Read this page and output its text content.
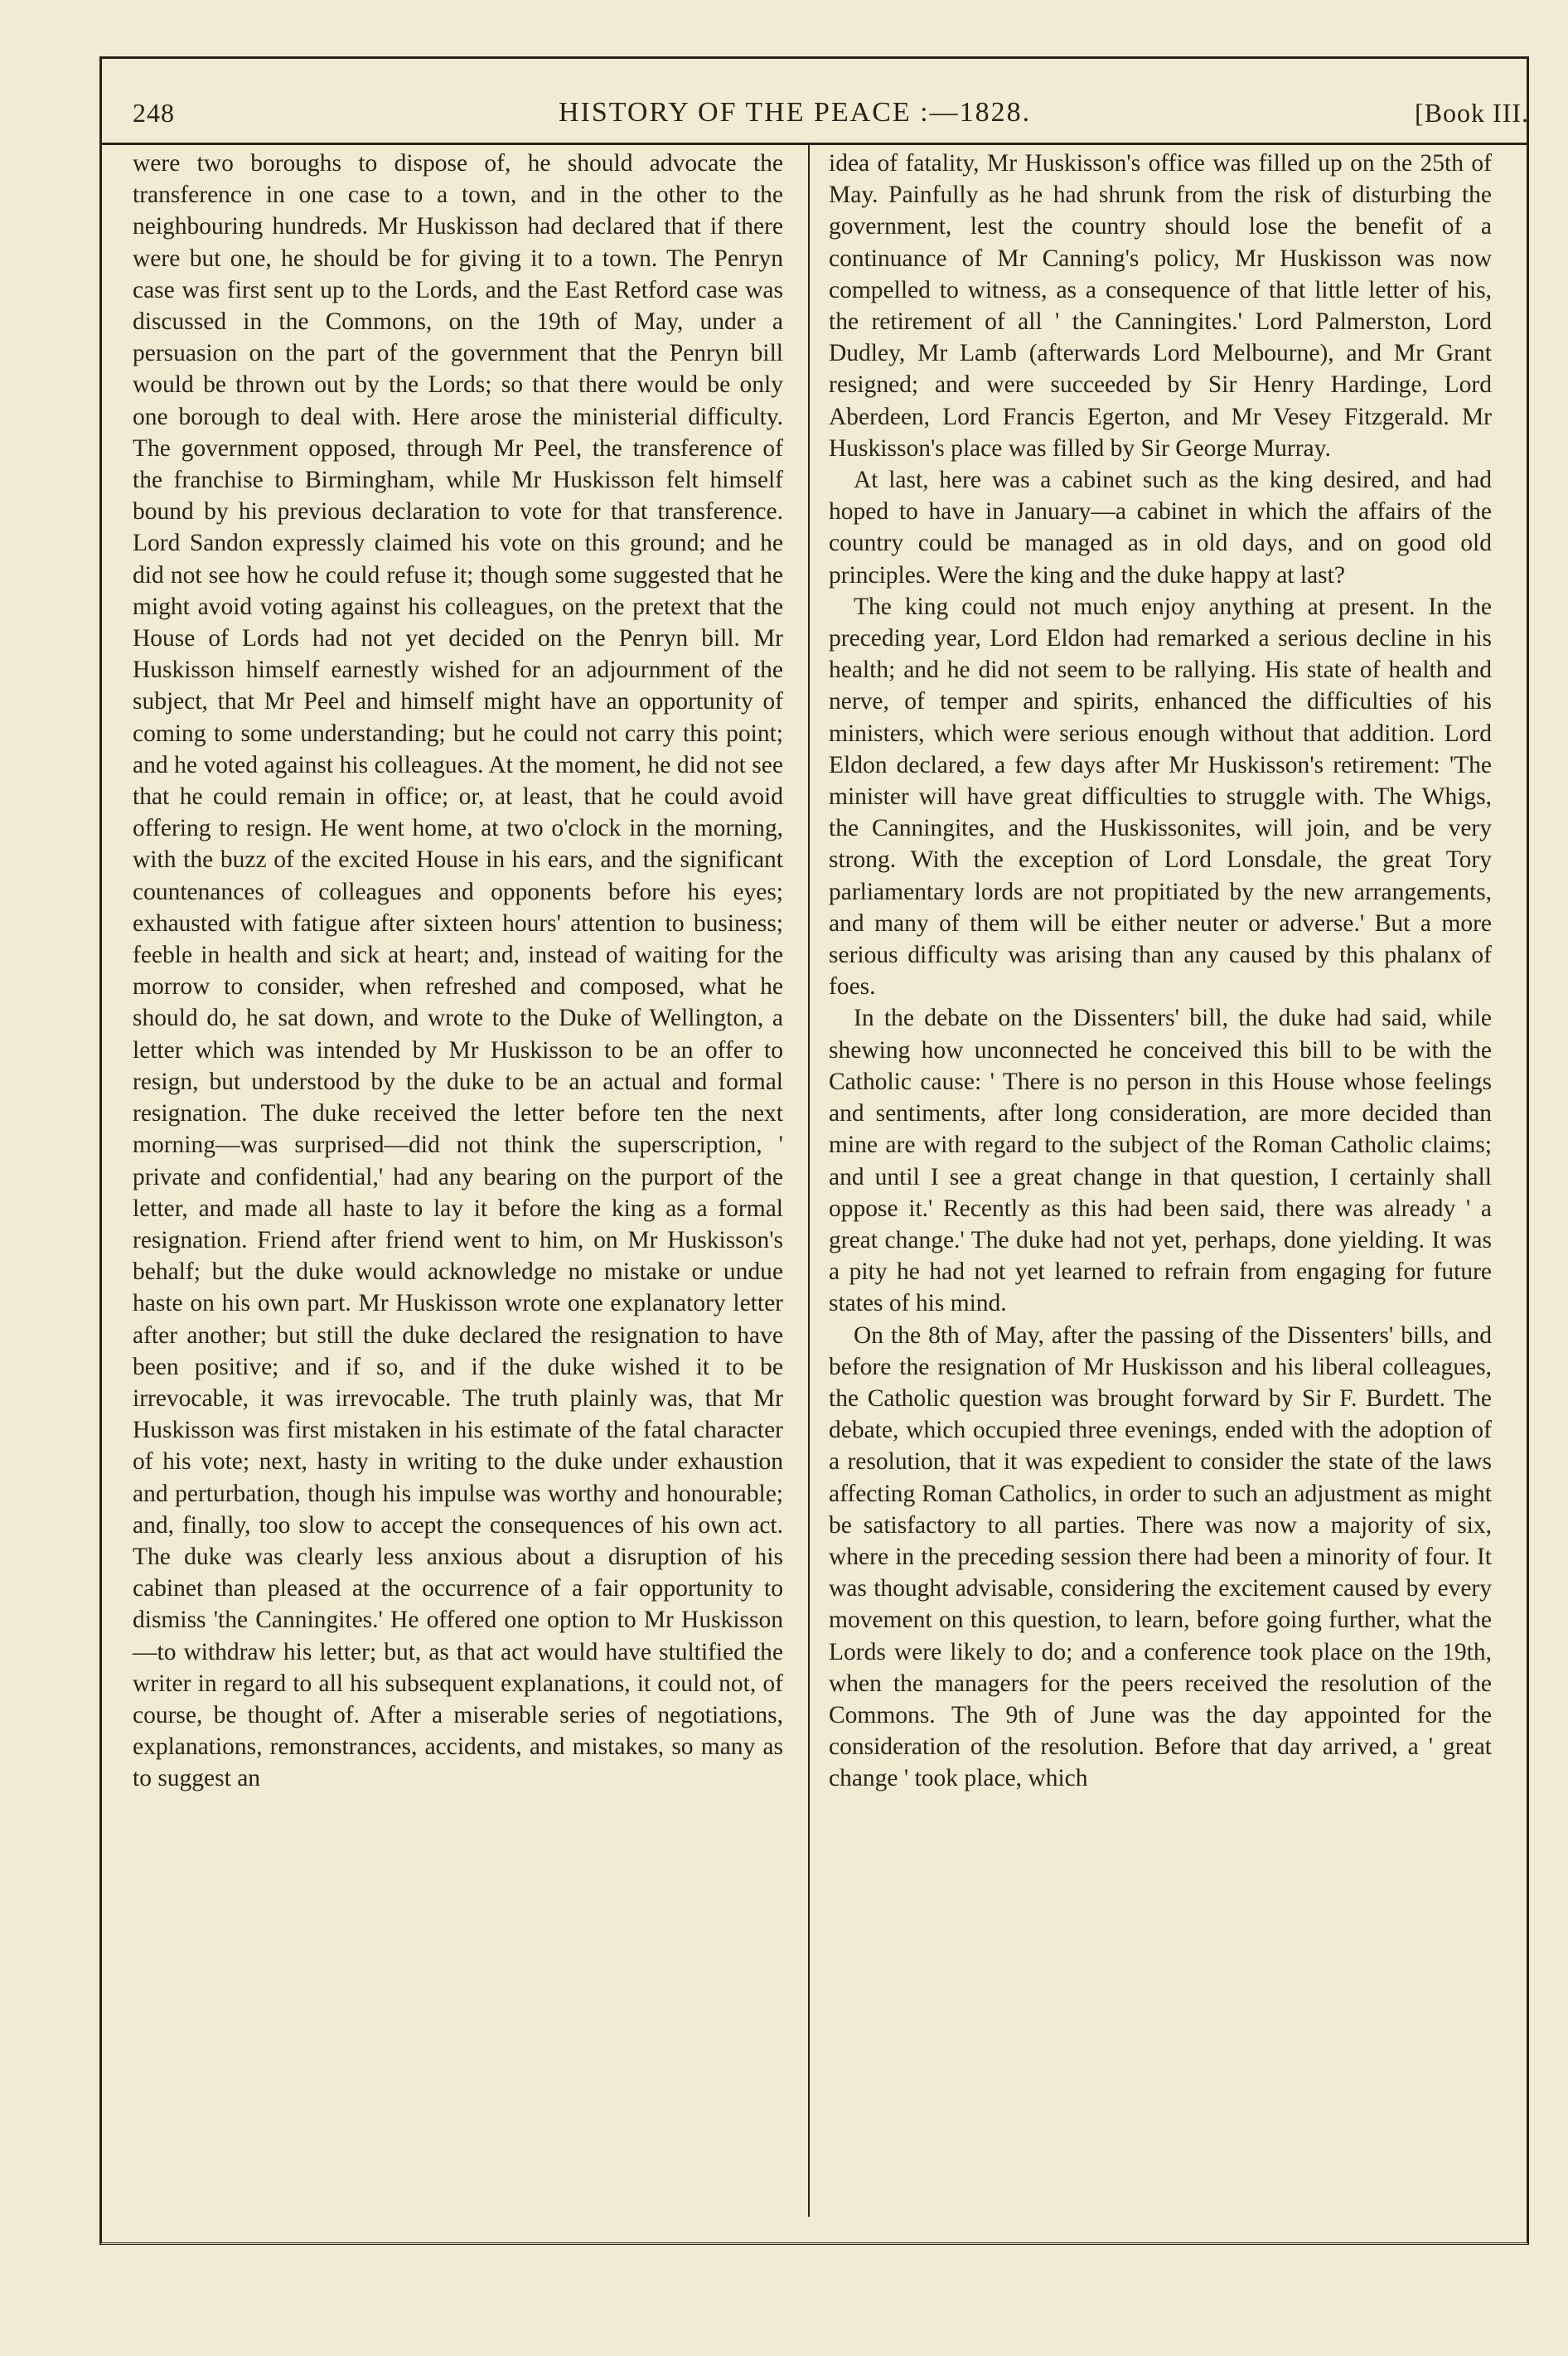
248	HISTORY OF THE PEACE :—1828.	[Book III.

were two boroughs to dispose of, he should advocate the transference in one case to a town, and in the other to the neighbouring hundreds. Mr Huskisson had declared that if there were but one, he should be for giving it to a town. The Penryn case was first sent up to the Lords, and the East Retford case was discussed in the Commons, on the 19th of May, under a persuasion on the part of the government that the Penryn bill would be thrown out by the Lords; so that there would be only one borough to deal with. Here arose the ministerial difficulty. The government opposed, through Mr Peel, the transference of the franchise to Birmingham, while Mr Huskisson felt himself bound by his previous declaration to vote for that transference. Lord Sandon expressly claimed his vote on this ground; and he did not see how he could refuse it; though some suggested that he might avoid voting against his colleagues, on the pretext that the House of Lords had not yet decided on the Penryn bill. Mr Huskisson himself earnestly wished for an adjournment of the subject, that Mr Peel and himself might have an opportunity of coming to some understanding; but he could not carry this point; and he voted against his colleagues. At the moment, he did not see that he could remain in office; or, at least, that he could avoid offering to resign. He went home, at two o'clock in the morning, with the buzz of the excited House in his ears, and the significant countenances of colleagues and opponents before his eyes; exhausted with fatigue after sixteen hours' attention to business; feeble in health and sick at heart; and, instead of waiting for the morrow to consider, when refreshed and composed, what he should do, he sat down, and wrote to the Duke of Wellington, a letter which was intended by Mr Huskisson to be an offer to resign, but understood by the duke to be an actual and formal resignation. The duke received the letter before ten the next morning—was surprised—did not think the superscription, ' private and confidential,' had any bearing on the purport of the letter, and made all haste to lay it before the king as a formal resignation. Friend after friend went to him, on Mr Huskisson's behalf; but the duke would acknowledge no mistake or undue haste on his own part. Mr Huskisson wrote one explanatory letter after another; but still the duke declared the resignation to have been positive; and if so, and if the duke wished it to be irrevocable, it was irrevocable. The truth plainly was, that Mr Huskisson was first mistaken in his estimate of the fatal character of his vote; next, hasty in writing to the duke under exhaustion and perturbation, though his impulse was worthy and honourable; and, finally, too slow to accept the consequences of his own act. The duke was clearly less anxious about a disruption of his cabinet than pleased at the occurrence of a fair opportunity to dismiss 'the Canningites.' He offered one option to Mr Huskisson—to withdraw his letter; but, as that act would have stultified the writer in regard to all his subsequent explanations, it could not, of course, be thought of. After a miserable series of negotiations, explanations, remonstrances, accidents, and mistakes, so many as to suggest an

idea of fatality, Mr Huskisson's office was filled up on the 25th of May. Painfully as he had shrunk from the risk of disturbing the government, lest the country should lose the benefit of a continuance of Mr Canning's policy, Mr Huskisson was now compelled to witness, as a consequence of that little letter of his, the retirement of all ' the Canningites.' Lord Palmerston, Lord Dudley, Mr Lamb (afterwards Lord Melbourne), and Mr Grant resigned; and were succeeded by Sir Henry Hardinge, Lord Aberdeen, Lord Francis Egerton, and Mr Vesey Fitzgerald. Mr Huskisson's place was filled by Sir George Murray.

At last, here was a cabinet such as the king desired, and had hoped to have in January—a cabinet in which the affairs of the country could be managed as in old days, and on good old principles. Were the king and the duke happy at last?

The king could not much enjoy anything at present. In the preceding year, Lord Eldon had remarked a serious decline in his health; and he did not seem to be rallying. His state of health and nerve, of temper and spirits, enhanced the difficulties of his ministers, which were serious enough without that addition. Lord Eldon declared, a few days after Mr Huskisson's retirement: 'The minister will have great difficulties to struggle with. The Whigs, the Canningites, and the Huskissonites, will join, and be very strong. With the exception of Lord Lonsdale, the great Tory parliamentary lords are not propitiated by the new arrangements, and many of them will be either neuter or adverse.' But a more serious difficulty was arising than any caused by this phalanx of foes.

In the debate on the Dissenters' bill, the duke had said, while shewing how unconnected he conceived this bill to be with the Catholic cause: ' There is no person in this House whose feelings and sentiments, after long consideration, are more decided than mine are with regard to the subject of the Roman Catholic claims; and until I see a great change in that question, I certainly shall oppose it.' Recently as this had been said, there was already ' a great change.' The duke had not yet, perhaps, done yielding. It was a pity he had not yet learned to refrain from engaging for future states of his mind.

On the 8th of May, after the passing of the Dissenters' bills, and before the resignation of Mr Huskisson and his liberal colleagues, the Catholic question was brought forward by Sir F. Burdett. The debate, which occupied three evenings, ended with the adoption of a resolution, that it was expedient to consider the state of the laws affecting Roman Catholics, in order to such an adjustment as might be satisfactory to all parties. There was now a majority of six, where in the preceding session there had been a minority of four. It was thought advisable, considering the excitement caused by every movement on this question, to learn, before going further, what the Lords were likely to do; and a conference took place on the 19th, when the managers for the peers received the resolution of the Commons. The 9th of June was the day appointed for the consideration of the resolution. Before that day arrived, a ' great change ' took place, which
